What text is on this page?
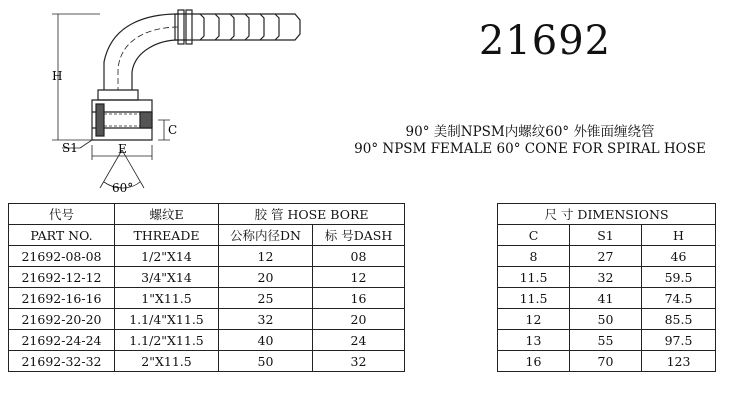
H
C
S1	E
60°
21692
90° 美制NPSM内螺纹60° 外锥面缠绕管
90° NPSM FEMALE 60° CONE FOR SPIRAL HOSE
代号	螺纹E	胶 管 HOSE BORE	
PART NO.	THREADE	公称内径DN	标 号DASH
21692-08-08	1/2"X14	12	08
21692-12-12	3/4"X14	20	12
21692-16-16	1"X11.5	25	16
21692-20-20	1.1/4"X11.5	32	20
21692-24-24	1.1/2"X11.5	40	24
21692-32-32	2"X11.5	50	32
尺 寸 DIMENSIONS		
C	S1	H
8	27	46
11.5	32	59.5
11.5	41	74.5
12	50	85.5
13	55	97.5
16	70	123
